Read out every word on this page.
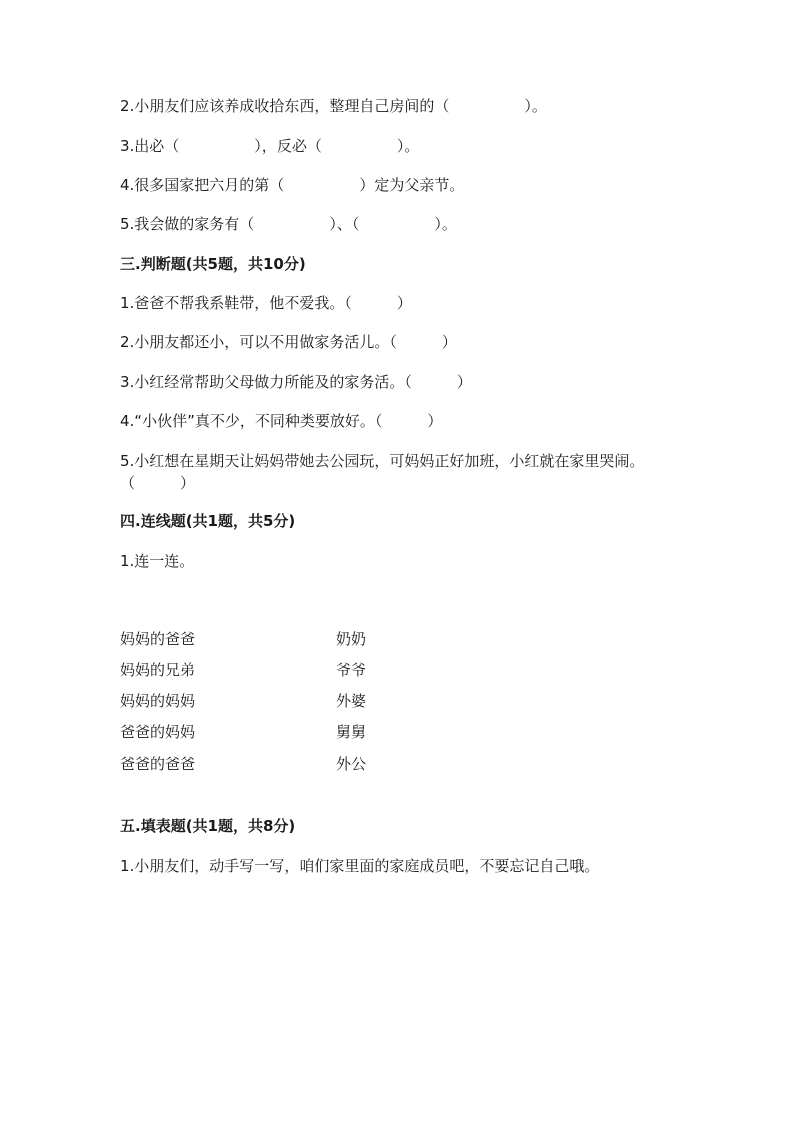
2.小朋友们应该养成收拾东西，整理自己房间的（　　　　　）。
3.出必（　　　　　），反必（　　　　　）。
4.很多国家把六月的第（　　　　　）定为父亲节。
5.我会做的家务有（　　　　　）、（　　　　　）。
三.判断题(共5题，共10分)
1.爸爸不帮我系鞋带，他不爱我。（　　　）
2.小朋友都还小，可以不用做家务活儿。（　　　）
3.小红经常帮助父母做力所能及的家务活。（　　　）
4.“小伙伴”真不少，不同种类要放好。（　　　）
5.小红想在星期天让妈妈带她去公园玩，可妈妈正好加班，小红就在家里哭闹。（　　　）
四.连线题(共1题，共5分)
1.连一连。
妈妈的爸爸
妈妈的兄弟
妈妈的妈妈
爸爸的妈妈
爸爸的爸爸
奶奶
爷爷
外婆
舅舅
外公
五.填表题(共1题，共8分)
1.小朋友们，动手写一写，咱们家里面的家庭成员吧，不要忘记自己哦。
